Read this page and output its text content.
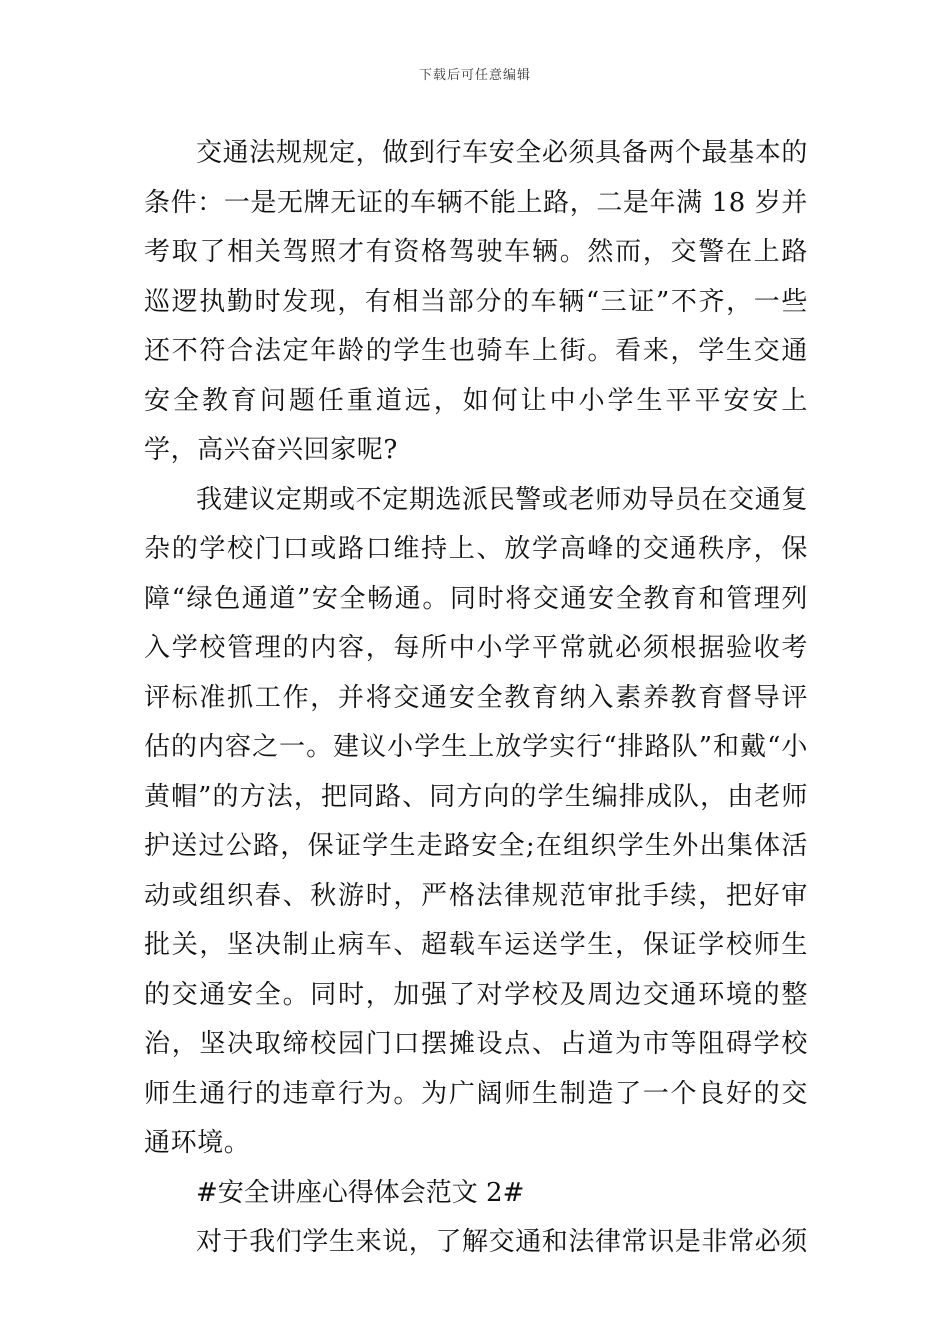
下载后可任意编辑

交通法规规定，做到行车安全必须具备两个最基本的条件：一是无牌无证的车辆不能上路，二是年满 18 岁并考取了相关驾照才有资格驾驶车辆。然而，交警在上路巡逻执勤时发现，有相当部分的车辆“三证”不齐，一些还不符合法定年龄的学生也骑车上街。看来，学生交通安全教育问题任重道远，如何让中小学生平平安安上学，高兴奋兴回家呢?

我建议定期或不定期选派民警或老师劝导员在交通复杂的学校门口或路口维持上、放学高峰的交通秩序，保障“绿色通道”安全畅通。同时将交通安全教育和管理列入学校管理的内容，每所中小学平常就必须根据验收考评标准抓工作，并将交通安全教育纳入素养教育督导评估的内容之一。建议小学生上放学实行“排路队”和戴“小黄帽”的方法，把同路、同方向的学生编排成队，由老师护送过公路，保证学生走路安全;在组织学生外出集体活动或组织春、秋游时，严格法律规范审批手续，把好审批关，坚决制止病车、超载车运送学生，保证学校师生的交通安全。同时，加强了对学校及周边交通环境的整治，坚决取缔校园门口摆摊设点、占道为市等阻碍学校师生通行的违章行为。为广阔师生制造了一个良好的交通环境。

#安全讲座心得体会范文 2#

对于我们学生来说，了解交通和法律常识是非常必须
